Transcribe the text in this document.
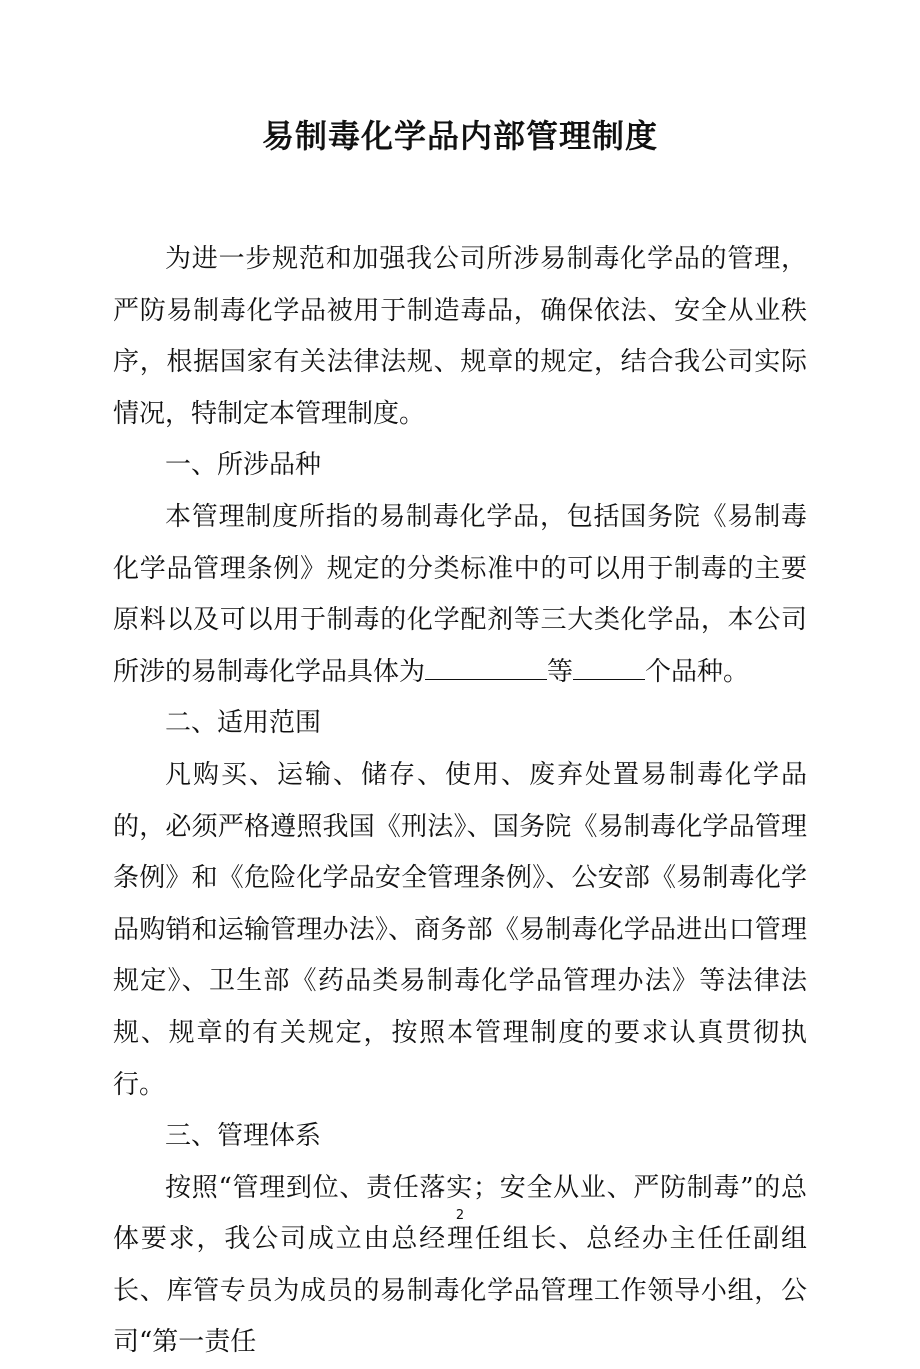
易制毒化学品内部管理制度

为进一步规范和加强我公司所涉易制毒化学品的管理，严防易制毒化学品被用于制造毒品，确保依法、安全从业秩序，根据国家有关法律法规、规章的规定，结合我公司实际情况，特制定本管理制度。

一、所涉品种

本管理制度所指的易制毒化学品，包括国务院《易制毒化学品管理条例》规定的分类标准中的可以用于制毒的主要原料以及可以用于制毒的化学配剂等三大类化学品，本公司所涉的易制毒化学品具体为	等	个品种。

二、适用范围

凡购买、运输、储存、使用、废弃处置易制毒化学品的，必须严格遵照我国《刑法》、国务院《易制毒化学品管理条例》和《危险化学品安全管理条例》、公安部《易制毒化学品购销和运输管理办法》、商务部《易制毒化学品进出口管理规定》、卫生部《药品类易制毒化学品管理办法》等法律法规、规章的有关规定，按照本管理制度的要求认真贯彻执行。

三、管理体系

按照“管理到位、责任落实；安全从业、严防制毒”的总体要求，我公司成立由总经理任组长、总经办主任任副组长、库管专员为成员的易制毒化学品管理工作领导小组，公司“第一责任

2
